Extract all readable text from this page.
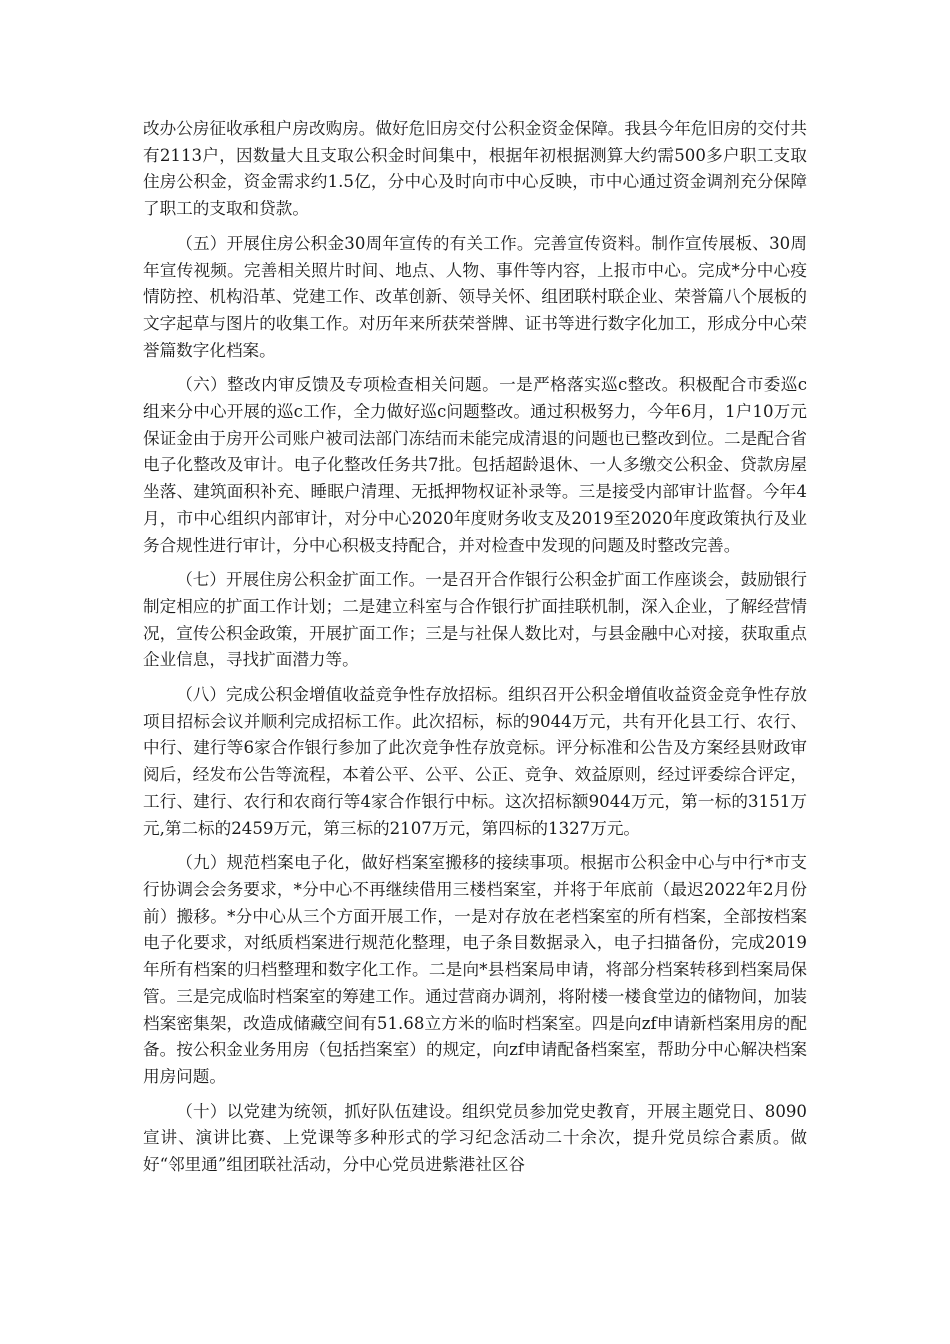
改办公房征收承租户房改购房。做好危旧房交付公积金资金保障。我县今年危旧房的交付共有2113户，因数量大且支取公积金时间集中，根据年初根据测算大约需500多户职工支取住房公积金，资金需求约1.5亿，分中心及时向市中心反映，市中心通过资金调剂充分保障了职工的支取和贷款。

（五）开展住房公积金30周年宣传的有关工作。完善宣传资料。制作宣传展板、30周年宣传视频。完善相关照片时间、地点、人物、事件等内容，上报市中心。完成*分中心疫情防控、机构沿革、党建工作、改革创新、领导关怀、组团联村联企业、荣誉篇八个展板的文字起草与图片的收集工作。对历年来所获荣誉牌、证书等进行数字化加工，形成分中心荣誉篇数字化档案。

（六）整改内审反馈及专项检查相关问题。一是严格落实巡c整改。积极配合市委巡c组来分中心开展的巡c工作，全力做好巡c问题整改。通过积极努力，今年6月，1户10万元保证金由于房开公司账户被司法部门冻结而未能完成清退的问题也已整改到位。二是配合省电子化整改及审计。电子化整改任务共7批。包括超龄退休、一人多缴交公积金、贷款房屋坐落、建筑面积补充、睡眠户清理、无抵押物权证补录等。三是接受内部审计监督。今年4月，市中心组织内部审计，对分中心2020年度财务收支及2019至2020年度政策执行及业务合规性进行审计，分中心积极支持配合，并对检查中发现的问题及时整改完善。

（七）开展住房公积金扩面工作。一是召开合作银行公积金扩面工作座谈会，鼓励银行制定相应的扩面工作计划；二是建立科室与合作银行扩面挂联机制，深入企业，了解经营情况，宣传公积金政策，开展扩面工作；三是与社保人数比对，与县金融中心对接，获取重点企业信息，寻找扩面潜力等。

（八）完成公积金增值收益竞争性存放招标。组织召开公积金增值收益资金竞争性存放项目招标会议并顺利完成招标工作。此次招标，标的9044万元，共有开化县工行、农行、中行、建行等6家合作银行参加了此次竞争性存放竞标。评分标准和公告及方案经县财政审阅后，经发布公告等流程，本着公平、公平、公正、竞争、效益原则，经过评委综合评定，工行、建行、农行和农商行等4家合作银行中标。这次招标额9044万元，第一标的3151万元,第二标的2459万元，第三标的2107万元，第四标的1327万元。

（九）规范档案电子化，做好档案室搬移的接续事项。根据市公积金中心与中行*市支行协调会会务要求，*分中心不再继续借用三楼档案室，并将于年底前（最迟2022年2月份前）搬移。*分中心从三个方面开展工作，一是对存放在老档案室的所有档案，全部按档案电子化要求，对纸质档案进行规范化整理，电子条目数据录入，电子扫描备份，完成2019年所有档案的归档整理和数字化工作。二是向*县档案局申请，将部分档案转移到档案局保管。三是完成临时档案室的筹建工作。通过营商办调剂，将附楼一楼食堂边的储物间，加装档案密集架，改造成储藏空间有51.68立方米的临时档案室。四是向zf申请新档案用房的配备。按公积金业务用房（包括挡案室）的规定，向zf申请配备档案室，帮助分中心解决档案用房问题。

（十）以党建为统领，抓好队伍建设。组织党员参加党史教育，开展主题党日、8090宣讲、演讲比赛、上党课等多种形式的学习纪念活动二十余次，提升党员综合素质。做好“邻里通”组团联社活动，分中心党员进紫港社区谷
